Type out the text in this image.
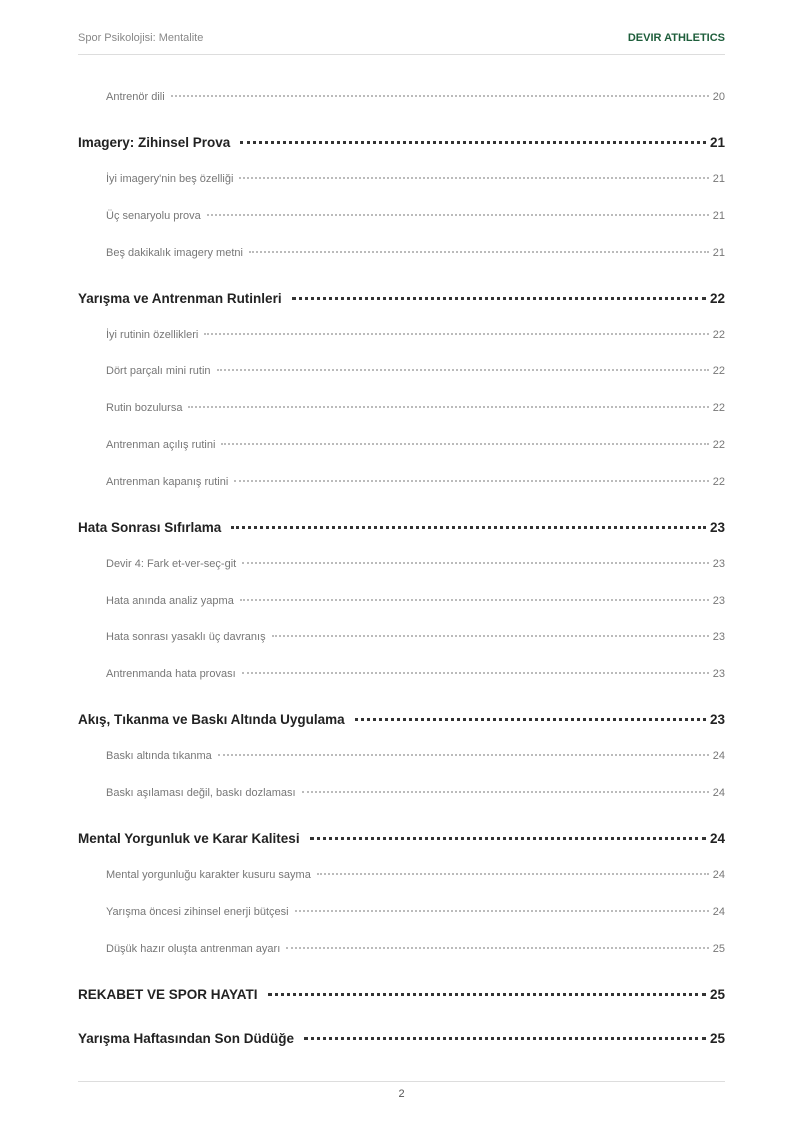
Spor Psikolojisi: Mentalite	DEVIR ATHLETICS
Antrenör dili	20
Imagery: Zihinsel Prova	21
İyi imagery'nin beş özelliği	21
Üç senaryolu prova	21
Beş dakikalık imagery metni	21
Yarışma ve Antrenman Rutinleri	22
İyi rutinin özellikleri	22
Dört parçalı mini rutin	22
Rutin bozulursa	22
Antrenman açılış rutini	22
Antrenman kapanış rutini	22
Hata Sonrası Sıfırlama	23
Devir 4: Fark et-ver-seç-git	23
Hata anında analiz yapma	23
Hata sonrası yasaklı üç davranış	23
Antrenmanda hata provası	23
Akış, Tıkanma ve Baskı Altında Uygulama	23
Baskı altında tıkanma	24
Baskı aşılaması değil, baskı dozlaması	24
Mental Yorgunluk ve Karar Kalitesi	24
Mental yorgunluğu karakter kusuru sayma	24
Yarışma öncesi zihinsel enerji bütçesi	24
Düşük hazır oluşta antrenman ayarı	25
REKABET VE SPOR HAYATI	25
Yarışma Haftasından Son Düdüğe	25
2
